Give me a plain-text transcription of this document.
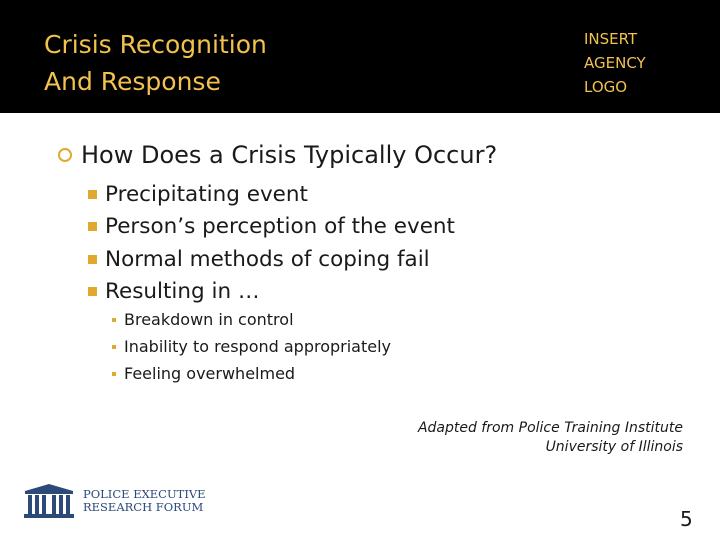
Crisis Recognition
And Response
INSERT
AGENCY
LOGO
How Does a Crisis Typically Occur?
Precipitating event
Person’s perception of the event
Normal methods of coping fail
Resulting in …
Breakdown in control
Inability to respond appropriately
Feeling overwhelmed
Adapted from Police Training Institute
University of Illinois
POLICE EXECUTIVE
RESEARCH FORUM	5
